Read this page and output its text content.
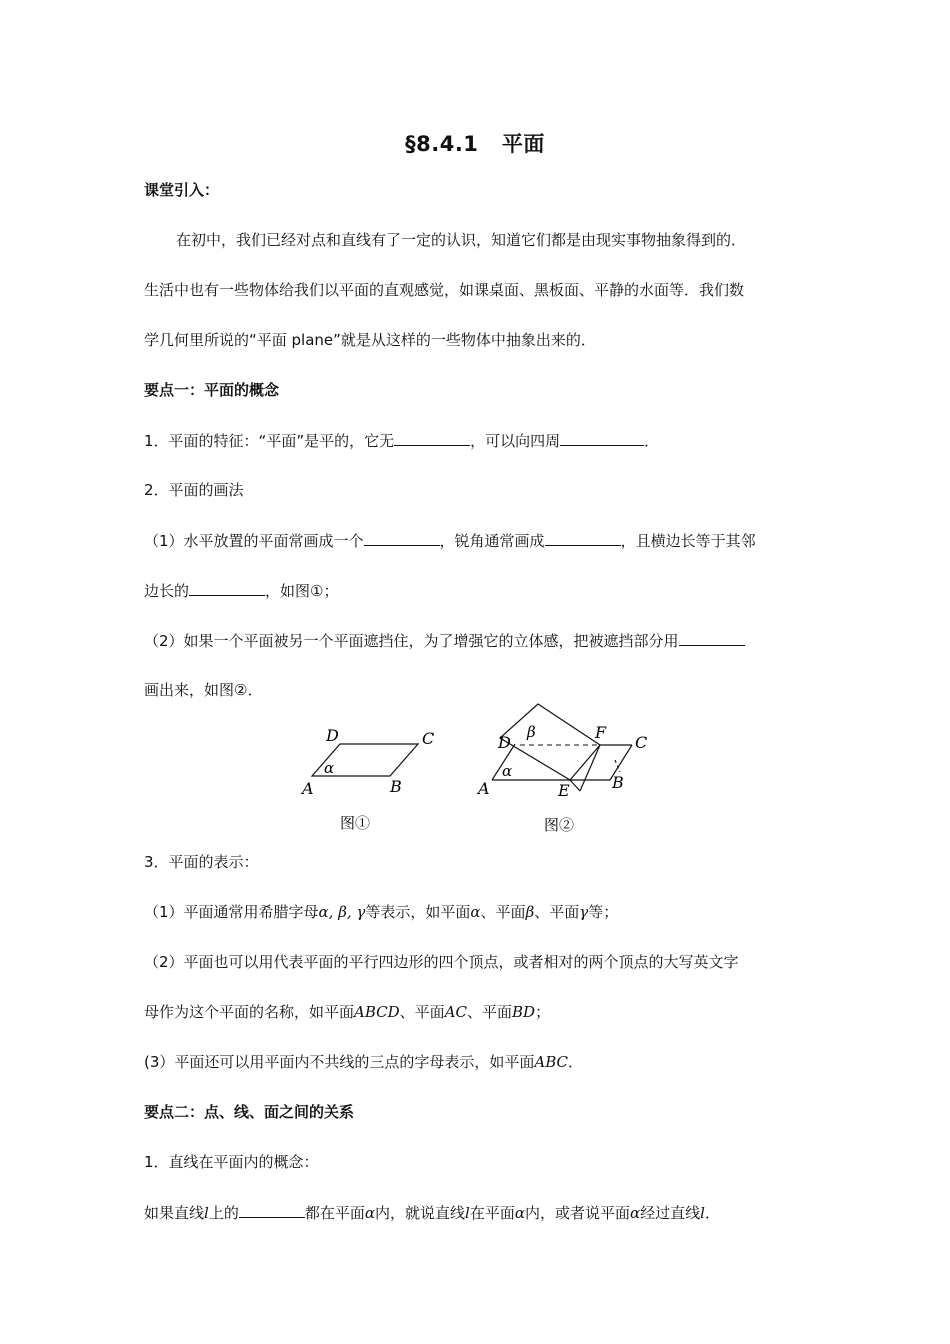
§8.4.1 平面
课堂引入：
在初中，我们已经对点和直线有了一定的认识，知道它们都是由现实事物抽象得到的．
生活中也有一些物体给我们以平面的直观感觉，如课桌面、黑板面、平静的水面等．我们数
学几何里所说的“平面 plane”就是从这样的一些物体中抽象出来的．
要点一：平面的概念
1．平面的特征：“平面”是平的，它无	，可以向四周	．
2．平面的画法
（1）水平放置的平面常画成一个	，锐角通常画成	，且横边长等于其邻
边长的	，如图①；
（2）如果一个平面被另一个平面遮挡住，为了增强它的立体感，把被遮挡部分用
画出来，如图②．
D	C
A	B
α
图①
D
F
C
A	E	B
α
β
图②
3．平面的表示：
（1）平面通常用希腊字母α, β, γ等表示，如平面α、平面β、平面γ等；
（2）平面也可以用代表平面的平行四边形的四个顶点，或者相对的两个顶点的大写英文字
母作为这个平面的名称，如平面ABCD、平面AC、平面BD；
(3）平面还可以用平面内不共线的三点的字母表示，如平面ABC．
要点二：点、线、面之间的关系
1．直线在平面内的概念：
如果直线l上的	都在平面α内，就说直线l在平面α内，或者说平面α经过直线l．
